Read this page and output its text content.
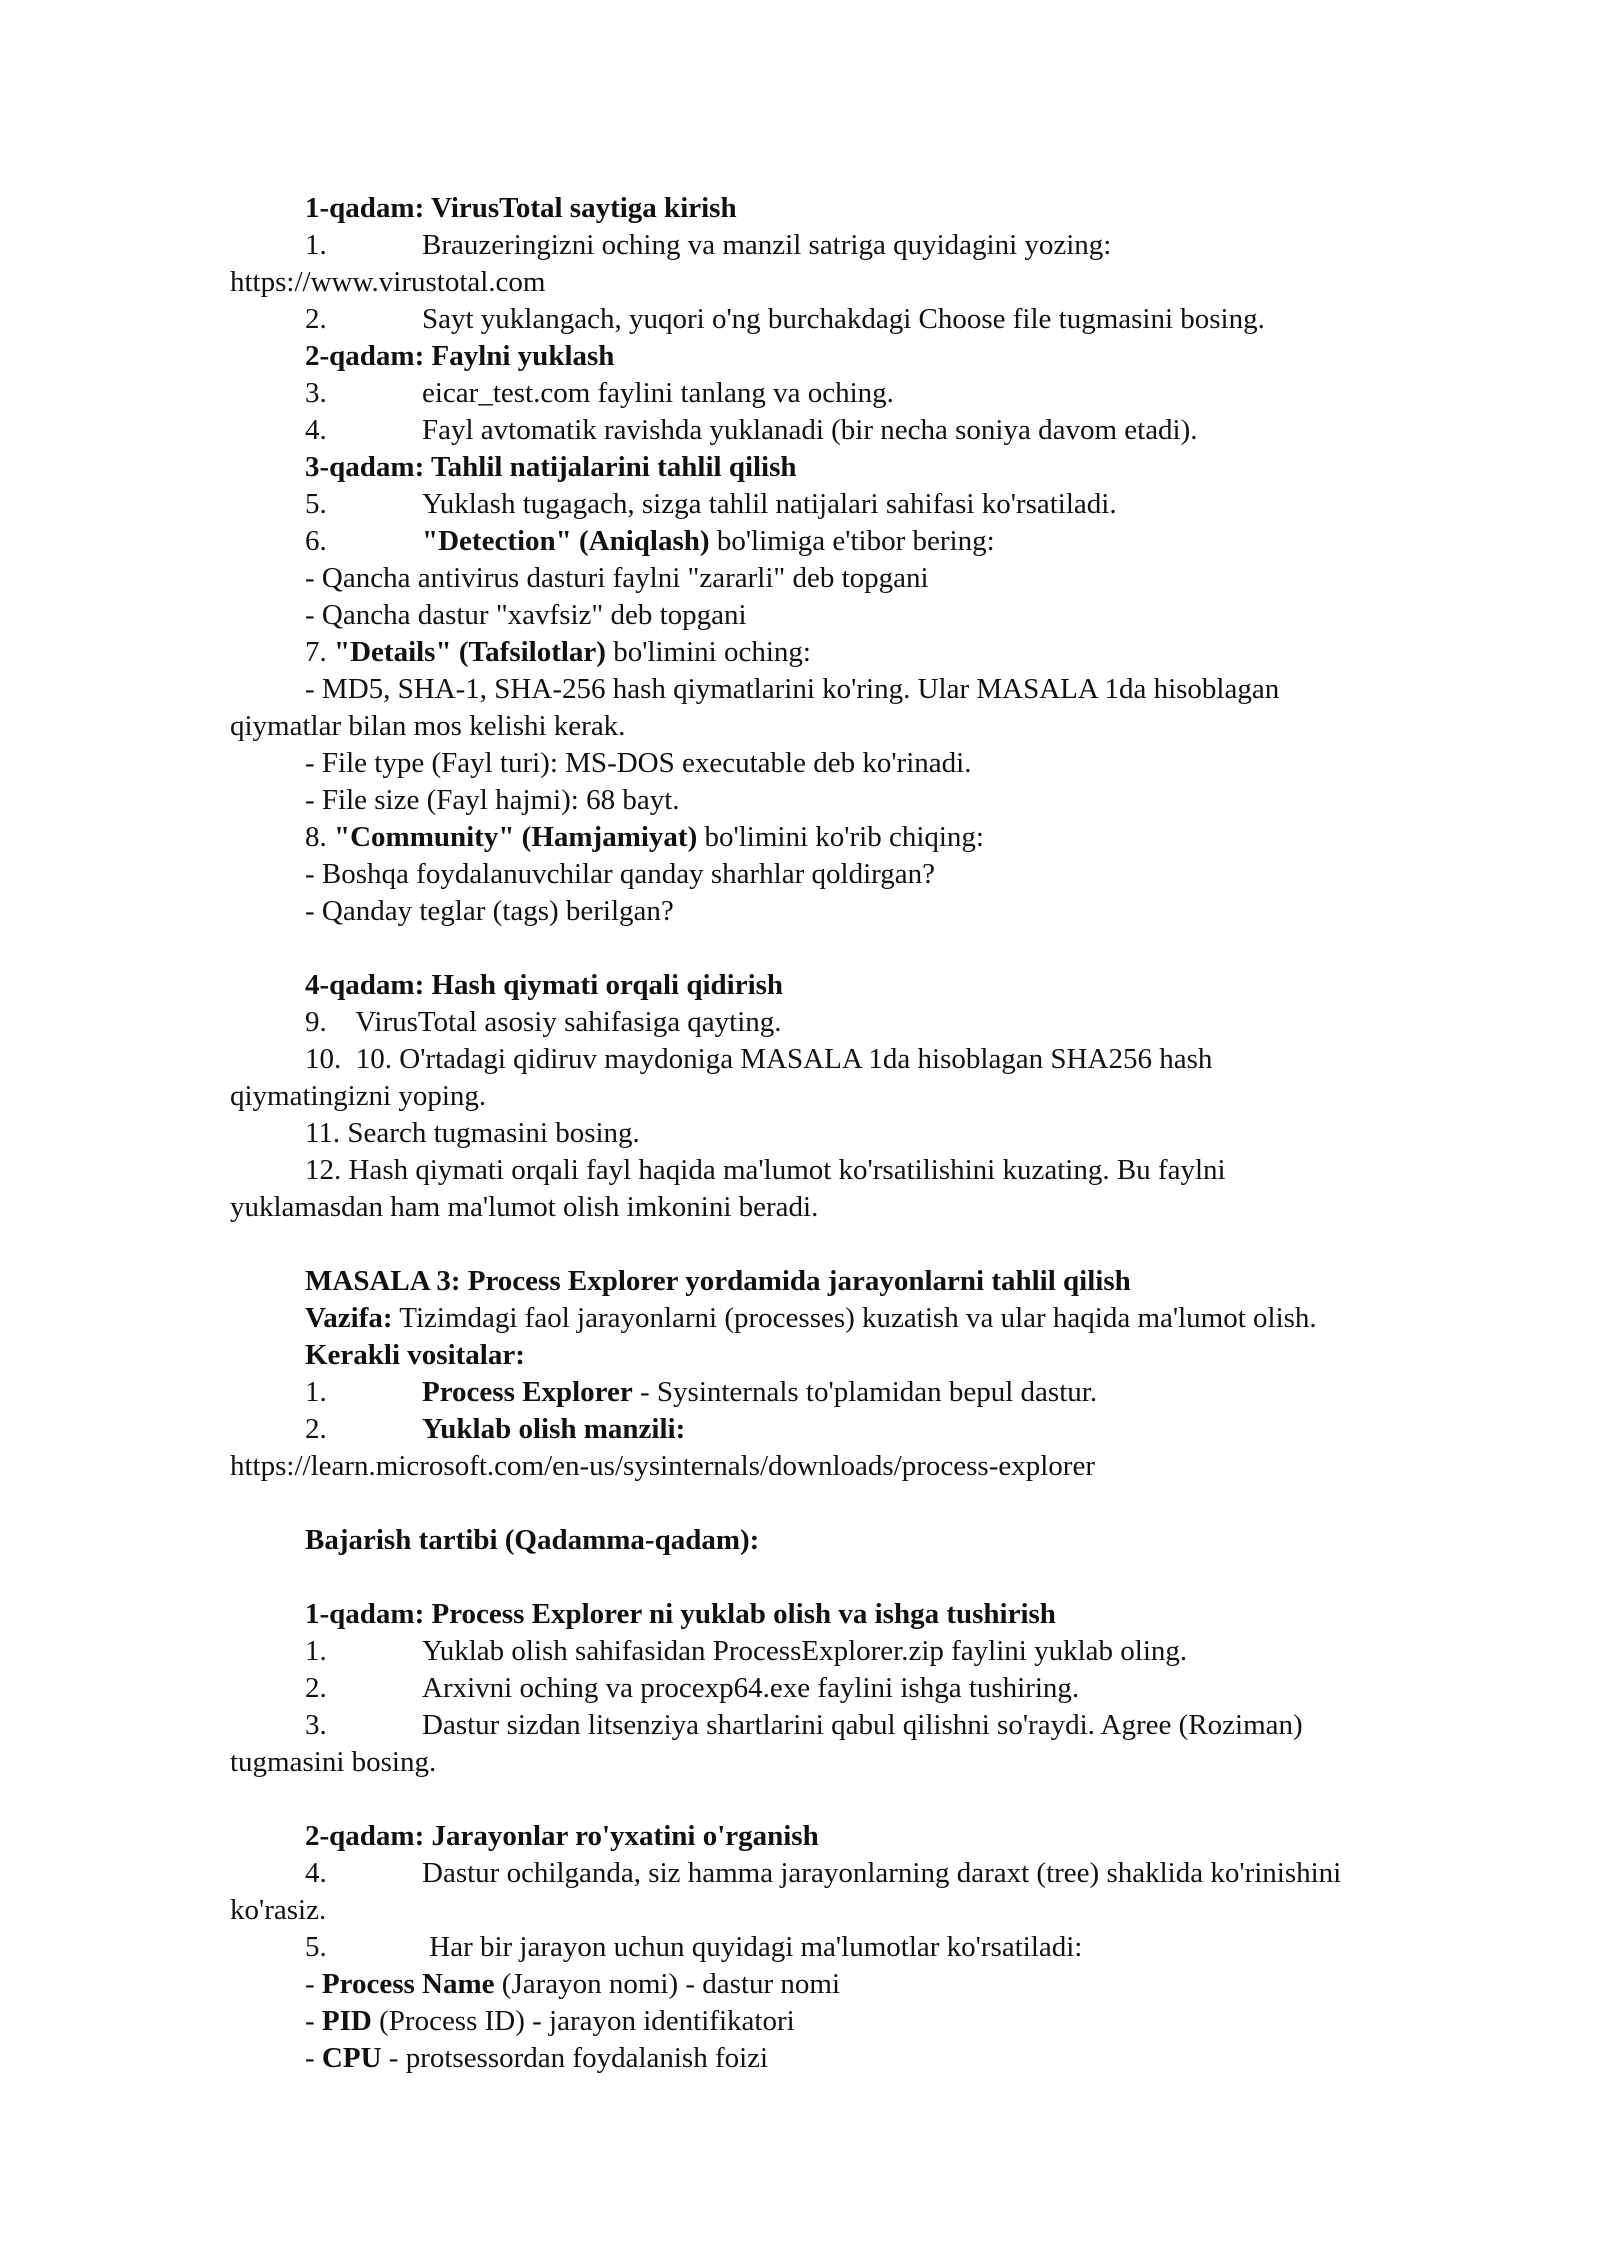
1-qadam: VirusTotal saytiga kirish
1.	Brauzeringizni oching va manzil satriga quyidagini yozing:
https://www.virustotal.com
2.	Sayt yuklangach, yuqori o'ng burchakdagi Choose file tugmasini bosing.
2-qadam: Faylni yuklash
3.	eicar_test.com faylini tanlang va oching.
4.	Fayl avtomatik ravishda yuklanadi (bir necha soniya davom etadi).
3-qadam: Tahlil natijalarini tahlil qilish
5.	Yuklash tugagach, sizga tahlil natijalari sahifasi ko'rsatiladi.
6.	"Detection" (Aniqlash) bo'limiga e'tibor bering:
- Qancha antivirus dasturi faylni "zararli" deb topgani
- Qancha dastur "xavfsiz" deb topgani
7. "Details" (Tafsilotlar) bo'limini oching:
- MD5, SHA-1, SHA-256 hash qiymatlarini ko'ring. Ular MASALA 1da hisoblagan
qiymatlar bilan mos kelishi kerak.
- File type (Fayl turi): MS-DOS executable deb ko'rinadi.
- File size (Fayl hajmi): 68 bayt.
8. "Community" (Hamjamiyat) bo'limini ko'rib chiqing:
- Boshqa foydalanuvchilar qanday sharhlar qoldirgan?
- Qanday teglar (tags) berilgan?
4-qadam: Hash qiymati orqali qidirish
9.    VirusTotal asosiy sahifasiga qayting.
10.  10. O'rtadagi qidiruv maydoniga MASALA 1da hisoblagan SHA256 hash
qiymatingizni yoping.
11. Search tugmasini bosing.
12. Hash qiymati orqali fayl haqida ma'lumot ko'rsatilishini kuzating. Bu faylni
yuklamasdan ham ma'lumot olish imkonini beradi.
MASALA 3: Process Explorer yordamida jarayonlarni tahlil qilish
Vazifa: Tizimdagi faol jarayonlarni (processes) kuzatish va ular haqida ma'lumot olish.
Kerakli vositalar:
1.	Process Explorer - Sysinternals to'plamidan bepul dastur.
2.	Yuklab olish manzili:
https://learn.microsoft.com/en-us/sysinternals/downloads/process-explorer
Bajarish tartibi (Qadamma-qadam):
1-qadam: Process Explorer ni yuklab olish va ishga tushirish
1.	Yuklab olish sahifasidan ProcessExplorer.zip faylini yuklab oling.
2.	Arxivni oching va procexp64.exe faylini ishga tushiring.
3.	Dastur sizdan litsenziya shartlarini qabul qilishni so'raydi. Agree (Roziman)
tugmasini bosing.
2-qadam: Jarayonlar ro'yxatini o'rganish
4.	Dastur ochilganda, siz hamma jarayonlarning daraxt (tree) shaklida ko'rinishini
ko'rasiz.
5.	Har bir jarayon uchun quyidagi ma'lumotlar ko'rsatiladi:
- Process Name (Jarayon nomi) - dastur nomi
- PID (Process ID) - jarayon identifikatori
- CPU - protsessordan foydalanish foizi
